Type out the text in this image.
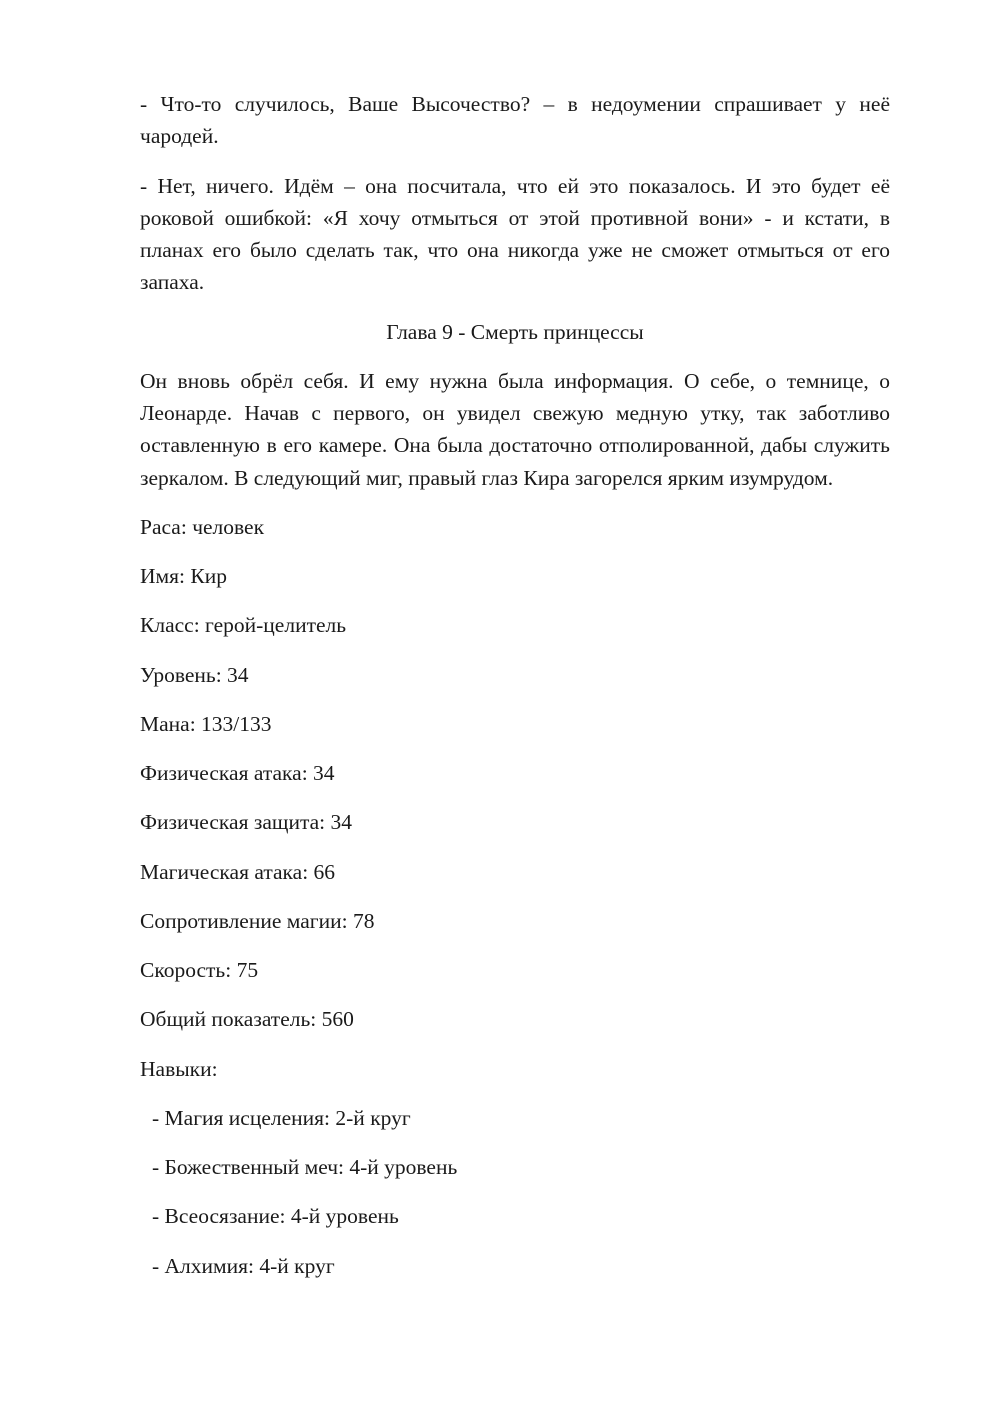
- Что-то случилось, Ваше Высочество? – в недоумении спрашивает у неё чародей.

- Нет, ничего. Идём – она посчитала, что ей это показалось. И это будет её роковой ошибкой: «Я хочу отмыться от этой противной вони» - и кстати, в планах его было сделать так, что она никогда уже не сможет отмыться от его запаха.

Глава 9 - Смерть принцессы

Он вновь обрёл себя. И ему нужна была информация. О себе, о темнице, о Леонарде. Начав с первого, он увидел свежую медную утку, так заботливо оставленную в его камере. Она была достаточно отполированной, дабы служить зеркалом. В следующий миг, правый глаз Кира загорелся ярким изумрудом.

Раса: человек

Имя: Кир

Класс: герой-целитель

Уровень: 34

Мана: 133/133

Физическая атака: 34

Физическая защита: 34

Магическая атака: 66

Сопротивление магии: 78

Скорость: 75

Общий показатель: 560

Навыки:

- Магия исцеления: 2-й круг

- Божественный меч: 4-й уровень

- Всеосязание: 4-й уровень

- Алхимия: 4-й круг
